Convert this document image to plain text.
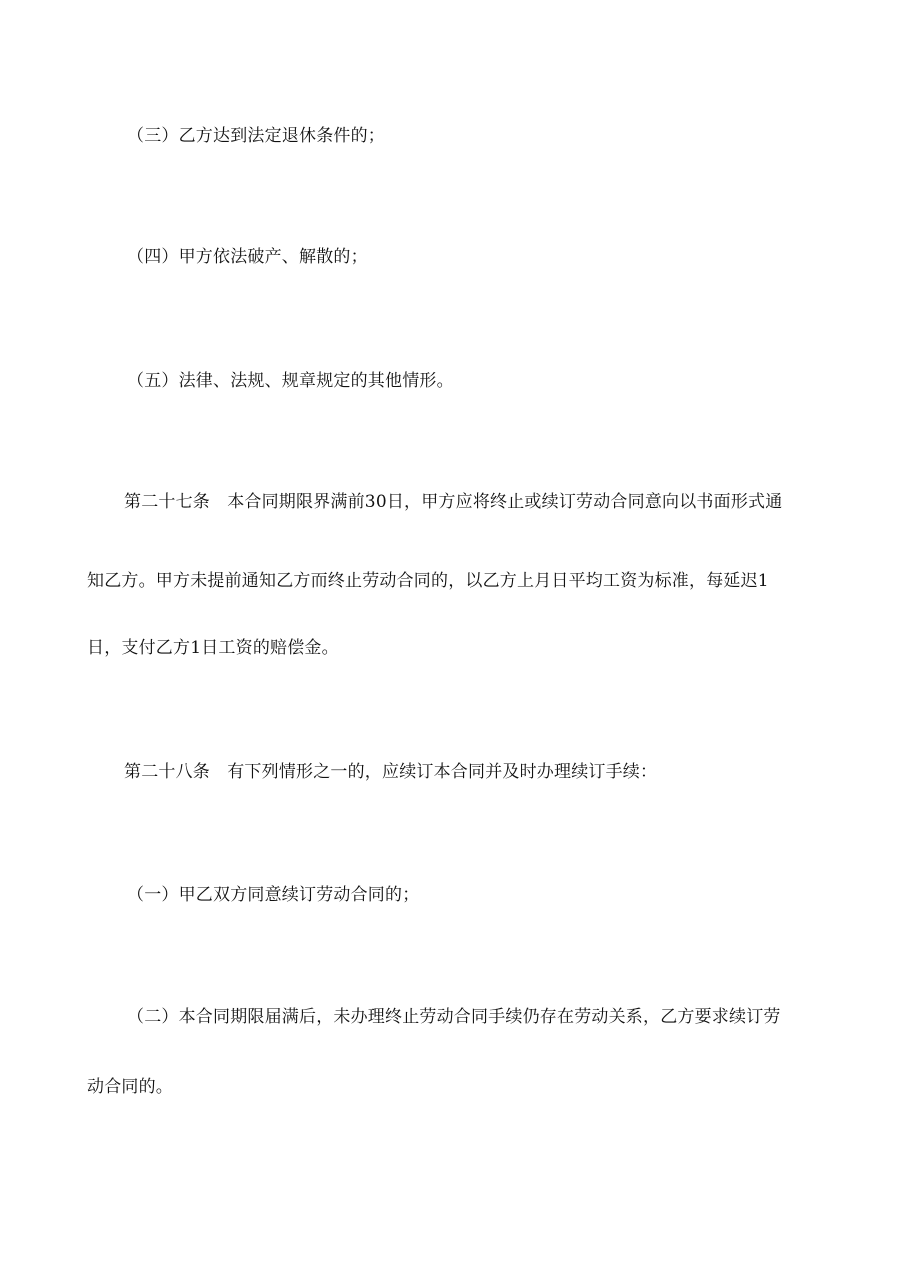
（三）乙方达到法定退休条件的；
（四）甲方依法破产、解散的；
（五）法律、法规、规章规定的其他情形。
第二十七条　本合同期限界满前30日，甲方应将终止或续订劳动合同意向以书面形式通
知乙方。甲方未提前通知乙方而终止劳动合同的，以乙方上月日平均工资为标准，每延迟1
日，支付乙方1日工资的赔偿金。
第二十八条　有下列情形之一的，应续订本合同并及时办理续订手续：
（一）甲乙双方同意续订劳动合同的；
（二）本合同期限届满后，未办理终止劳动合同手续仍存在劳动关系，乙方要求续订劳
动合同的。
